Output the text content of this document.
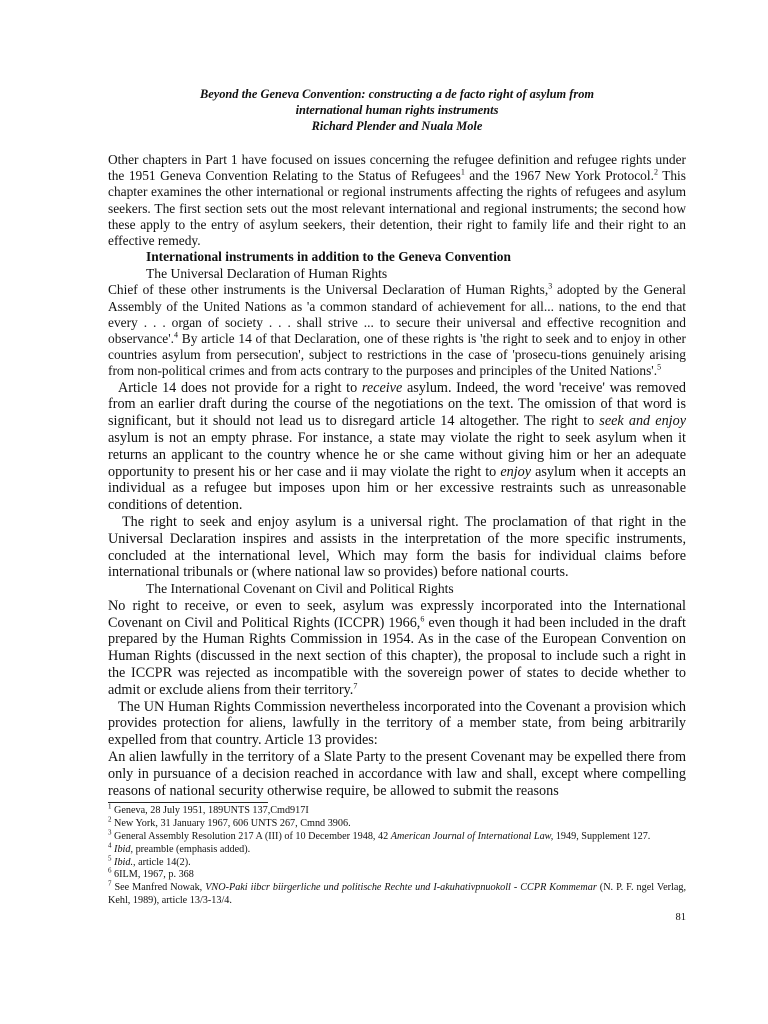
Beyond the Geneva Convention: constructing a de facto right of asylum from
international human rights instruments
Richard Plender and Nuala Mole

Other chapters in Part 1 have focused on issues concerning the refugee definition and refugee rights under the 1951 Geneva Convention Relating to the Status of Refugees$^1$ and the 1967 New York Protocol.$^2$ This chapter examines the other international or regional instruments affecting the rights of refugees and asylum seekers. The first section sets out the most relevant international and regional instruments; the second how these apply to the entry of asylum seekers, their detention, their right to family life and their right to an effective remedy.

International instruments in addition to the Geneva Convention

The Universal Declaration of Human Rights

Chief of these other instruments is the Universal Declaration of Human Rights,$^3$ adopted by the General Assembly of the United Nations as 'a common standard of achievement for all... nations, to the end that every . . . organ of society . . . shall strive ... to secure their universal and effective recognition and observance'.$^4$ By article 14 of that Declaration, one of these rights is 'the right to seek and to enjoy in other countries asylum from persecution', subject to restrictions in the case of 'prosecu-tions genuinely arising from non-political crimes and from acts contrary to the purposes and principles of the United Nations'.$^5$

Article 14 does not provide for a right to receive asylum. Indeed, the word 'receive' was removed from an earlier draft during the course of the negotiations on the text. The omission of that word is significant, but it should not lead us to disregard article 14 altogether. The right to seek and enjoy asylum is not an empty phrase. For instance, a state may violate the right to seek asylum when it returns an applicant to the country whence he or she came without giving him or her an adequate opportunity to present his or her case and ii may violate the right to enjoy asylum when it accepts an individual as a refugee but imposes upon him or her excessive restraints such as unreasonable conditions of detention.

The right to seek and enjoy asylum is a universal right. The proclamation of that right in the Universal Declaration inspires and assists in the interpretation of the more specific instruments, concluded at the international level, Which may form the basis for individual claims before international tribunals or (where national law so provides) before national courts.

The International Covenant on Civil and Political Rights

No right to receive, or even to seek, asylum was expressly incorporated into the International Covenant on Civil and Political Rights (ICCPR) 1966,$^6$ even though it had been included in the draft prepared by the Human Rights Commission in 1954. As in the case of the European Convention on Human Rights (discussed in the next section of this chapter), the proposal to include such a right in the ICCPR was rejected as incompatible with the sovereign power of states to decide whether to admit or exclude aliens from their territory.$^7$

The UN Human Rights Commission nevertheless incorporated into the Covenant a provision which provides protection for aliens, lawfully in the territory of a member state, from being arbitrarily expelled from that country. Article 13 provides:

An alien lawfully in the territory of a Slate Party to the present Covenant may be expelled there from only in pursuance of a decision reached in accordance with law and shall, except where compelling reasons of national security otherwise require, be allowed to submit the reasons

$^1$ Geneva, 28 July 1951, 189UNTS 137,Cmd917I

$^2$ New York, 31 January 1967, 606 UNTS 267, Cmnd 3906.

$^3$ General Assembly Resolution 217 A (III) of 10 December 1948, 42 American Journal of International Law, 1949, Supplement 127.

$^4$ Ibid, preamble (emphasis added).

$^5$ Ibid., article 14(2).

$^6$ 6ILM, 1967, p. 368

$^7$ See Manfred Nowak, VNO-Paki iibcr biirgerliche und politische Rechte und I-akuhativpnuokoll - CCPR Kommemar (N. P. F. ngel Verlag, Kehl, 1989), article 13/3-13/4.

81
